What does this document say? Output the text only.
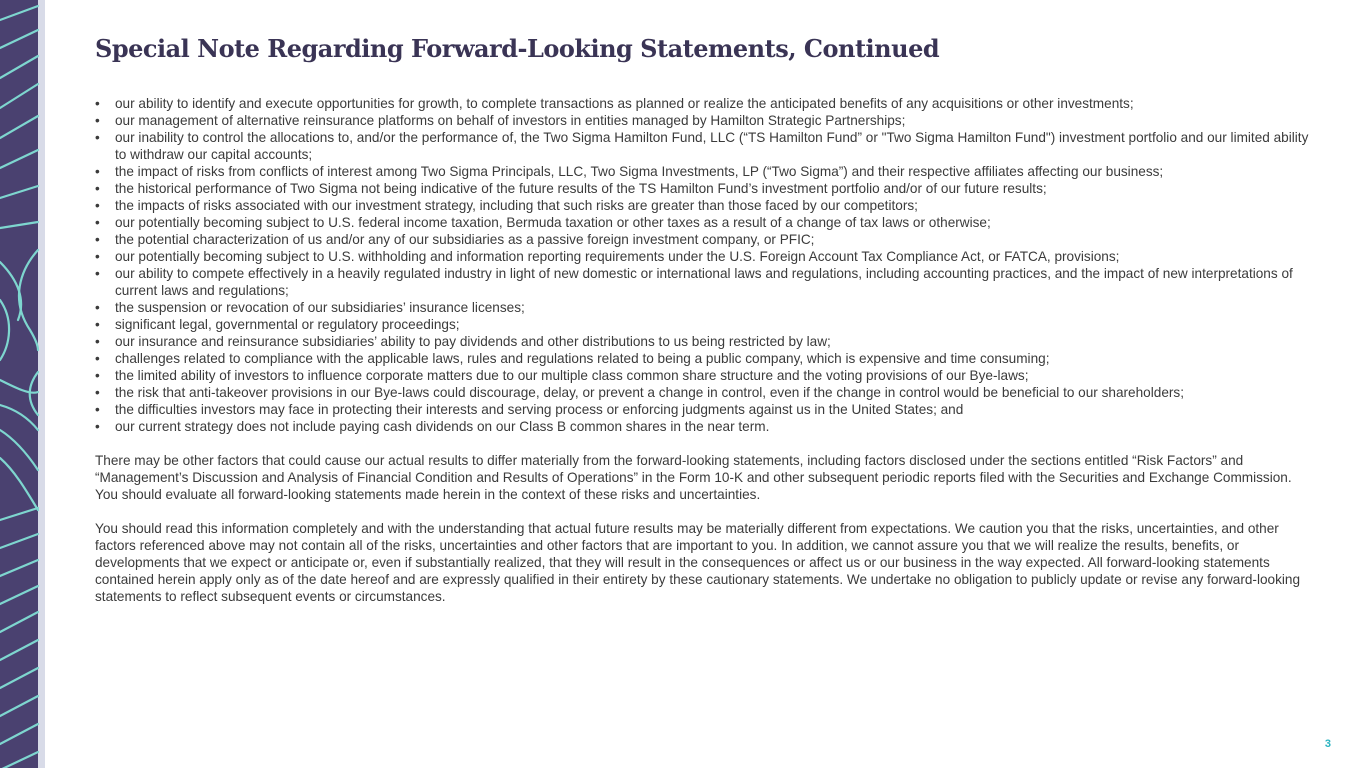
Special Note Regarding Forward-Looking Statements, Continued
• our ability to identify and execute opportunities for growth, to complete transactions as planned or realize the anticipated benefits of any acquisitions or other investments;
• our management of alternative reinsurance platforms on behalf of investors in entities managed by Hamilton Strategic Partnerships;
• our inability to control the allocations to, and/or the performance of, the Two Sigma Hamilton Fund, LLC (“TS Hamilton Fund” or "Two Sigma Hamilton Fund") investment portfolio and our limited ability to withdraw our capital accounts;
• the impact of risks from conflicts of interest among Two Sigma Principals, LLC, Two Sigma Investments, LP (“Two Sigma”) and their respective affiliates affecting our business;
• the historical performance of Two Sigma not being indicative of the future results of the TS Hamilton Fund’s investment portfolio and/or of our future results;
• the impacts of risks associated with our investment strategy, including that such risks are greater than those faced by our competitors;
• our potentially becoming subject to U.S. federal income taxation, Bermuda taxation or other taxes as a result of a change of tax laws or otherwise;
• the potential characterization of us and/or any of our subsidiaries as a passive foreign investment company, or PFIC;
• our potentially becoming subject to U.S. withholding and information reporting requirements under the U.S. Foreign Account Tax Compliance Act, or FATCA, provisions;
• our ability to compete effectively in a heavily regulated industry in light of new domestic or international laws and regulations, including accounting practices, and the impact of new interpretations of current laws and regulations;
• the suspension or revocation of our subsidiaries’ insurance licenses;
• significant legal, governmental or regulatory proceedings;
• our insurance and reinsurance subsidiaries’ ability to pay dividends and other distributions to us being restricted by law;
• challenges related to compliance with the applicable laws, rules and regulations related to being a public company, which is expensive and time consuming;
• the limited ability of investors to influence corporate matters due to our multiple class common share structure and the voting provisions of our Bye-laws;
• the risk that anti-takeover provisions in our Bye-laws could discourage, delay, or prevent a change in control, even if the change in control would be beneficial to our shareholders;
• the difficulties investors may face in protecting their interests and serving process or enforcing judgments against us in the United States; and
• our current strategy does not include paying cash dividends on our Class B common shares in the near term.

There may be other factors that could cause our actual results to differ materially from the forward-looking statements, including factors disclosed under the sections entitled “Risk Factors” and “Management’s Discussion and Analysis of Financial Condition and Results of Operations” in the Form 10-K and other subsequent periodic reports filed with the Securities and Exchange Commission. You should evaluate all forward-looking statements made herein in the context of these risks and uncertainties.

You should read this information completely and with the understanding that actual future results may be materially different from expectations. We caution you that the risks, uncertainties, and other factors referenced above may not contain all of the risks, uncertainties and other factors that are important to you. In addition, we cannot assure you that we will realize the results, benefits, or developments that we expect or anticipate or, even if substantially realized, that they will result in the consequences or affect us or our business in the way expected. All forward-looking statements contained herein apply only as of the date hereof and are expressly qualified in their entirety by these cautionary statements. We undertake no obligation to publicly update or revise any forward-looking statements to reflect subsequent events or circumstances.

3
